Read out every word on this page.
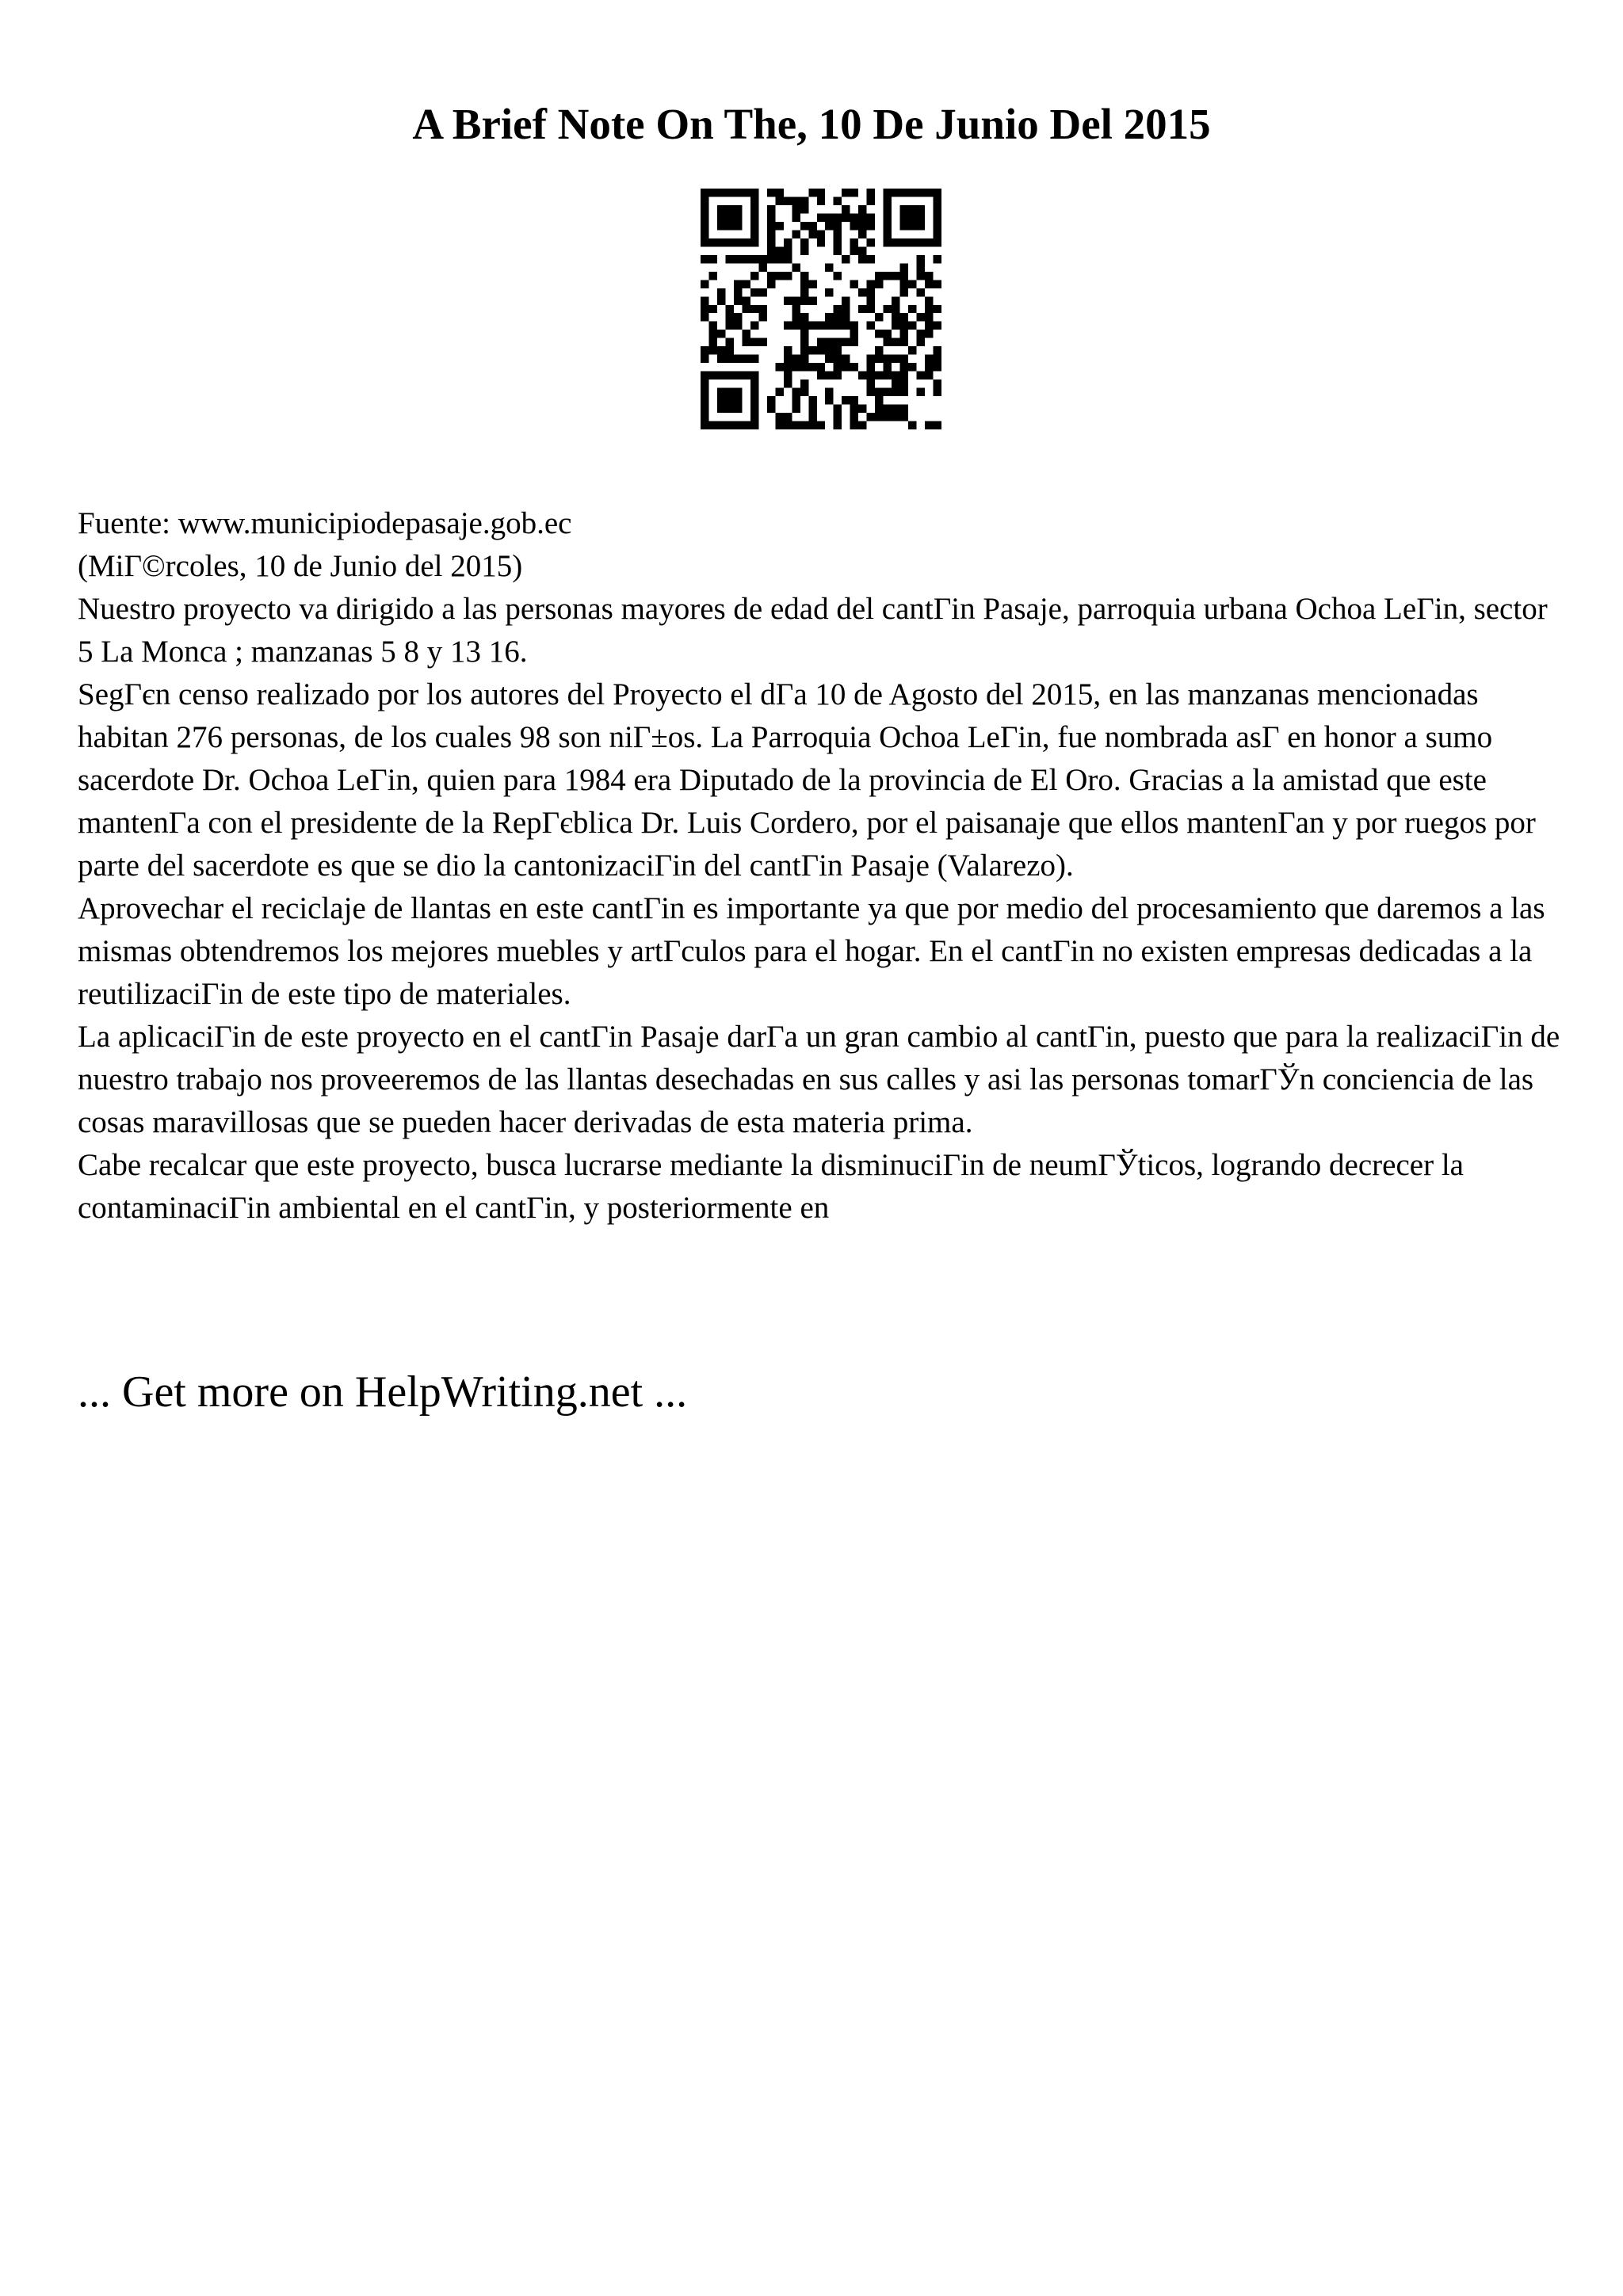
A Brief Note On The, 10 De Junio Del 2015

Fuente: www.municipiodepasaje.gob.ec

(MiГ©rcoles, 10 de Junio del 2015)

Nuestro proyecto va dirigido a las personas mayores de edad del cantГіn Pasaje, parroquia urbana Ochoa LeГіn, sector 5 La Monca ; manzanas 5 8 y 13 16.

SegГєn censo realizado por los autores del Proyecto el dГa 10 de Agosto del 2015, en las manzanas mencionadas habitan 276 personas, de los cuales 98 son niГ±os. La Parroquia Ochoa LeГіn, fue nombrada asГ en honor a sumo sacerdote Dr. Ochoa LeГіn, quien para 1984 era Diputado de la provincia de El Oro. Gracias a la amistad que este mantenГa con el presidente de la RepГєblica Dr. Luis Cordero, por el paisanaje que ellos mantenГan y por ruegos por parte del sacerdote es que se dio la cantonizaciГіn del cantГіn Pasaje (Valarezo).

Aprovechar el reciclaje de llantas en este cantГіn es importante ya que por medio del procesamiento que daremos a las mismas obtendremos los mejores muebles y artГculos para el hogar. En el cantГіn no existen empresas dedicadas a la reutilizaciГіn de este tipo de materiales.

La aplicaciГіn de este proyecto en el cantГіn Pasaje darГa un gran cambio al cantГіn, puesto que para la realizaciГіn de nuestro trabajo nos proveeremos de las llantas desechadas en sus calles y asi las personas tomarГЎn conciencia de las cosas maravillosas que se pueden hacer derivadas de esta materia prima.

Cabe recalcar que este proyecto, busca lucrarse mediante la disminuciГіn de neumГЎticos, logrando decrecer la contaminaciГіn ambiental en el cantГіn, y posteriormente en

... Get more on HelpWriting.net ...
